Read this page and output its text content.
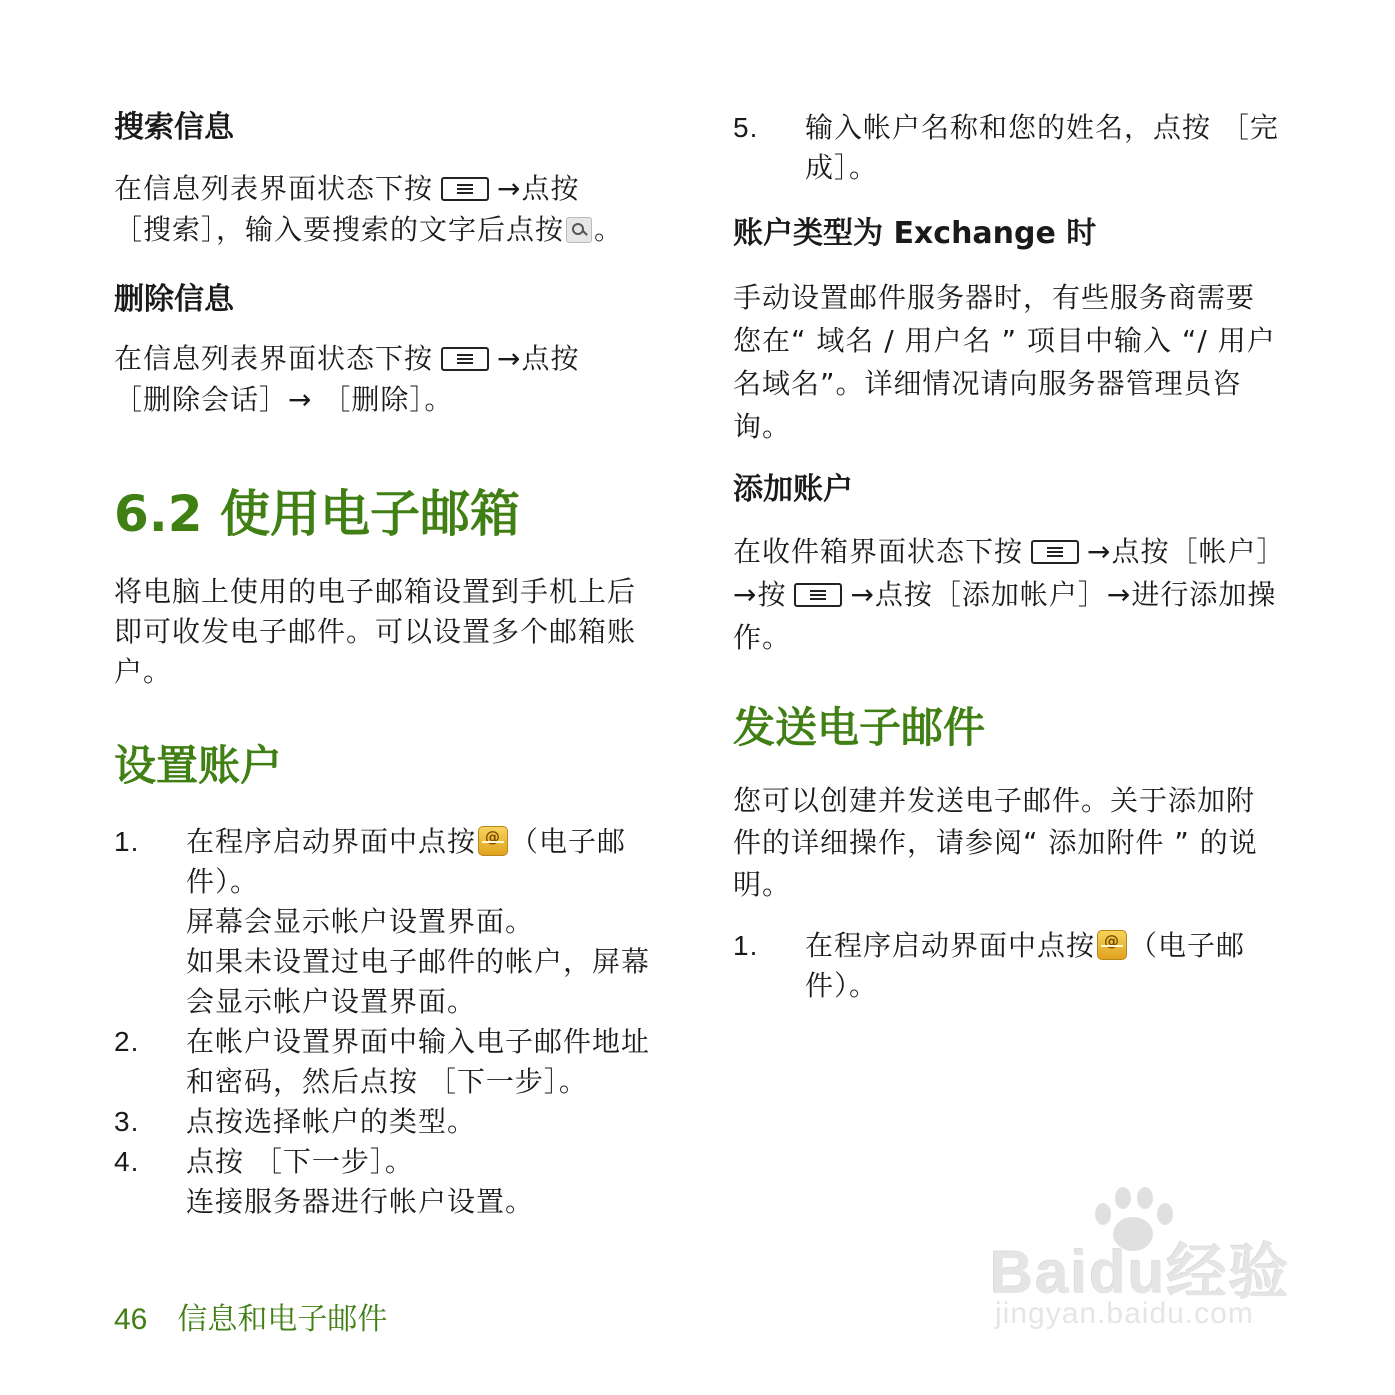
搜索信息

在信息列表界面状态下按 →点按
［搜索］，输入要搜索的文字后点按 。

删除信息

在信息列表界面状态下按 →点按
［删除会话］→ ［删除］。

6.2 使用电子邮箱

将电脑上使用的电子邮箱设置到手机上后即可收发电子邮件。可以设置多个邮箱账户。

设置账户
1. 在程序启动界面中点按 @ （电子邮件）。
屏幕会显示帐户设置界面。
如果未设置过电子邮件的帐户，屏幕会显示帐户设置界面。
2. 在帐户设置界面中输入电子邮件地址和密码，然后点按 ［下一步］。
3. 点按选择帐户的类型。
4. 点按 ［下一步］。
连接服务器进行帐户设置。
5. 输入帐户名称和您的姓名，点按 ［完成］。
账户类型为 Exchange 时

手动设置邮件服务器时，有些服务商需要您在“ 域名 / 用户名 ” 项目中输入 “/ 用户名域名”。详细情况请向服务器管理员咨询。

添加账户

在收件箱界面状态下按 →点按［帐户］→按 →点按［添加帐户］→进行添加操作。

发送电子邮件

您可以创建并发送电子邮件。关于添加附件的详细操作，请参阅“ 添加附件 ” 的说明。

1. 在程序启动界面中点按 @ （电子邮件）。
46 信息和电子邮件
Baidu经验
jingyan.baidu.com
